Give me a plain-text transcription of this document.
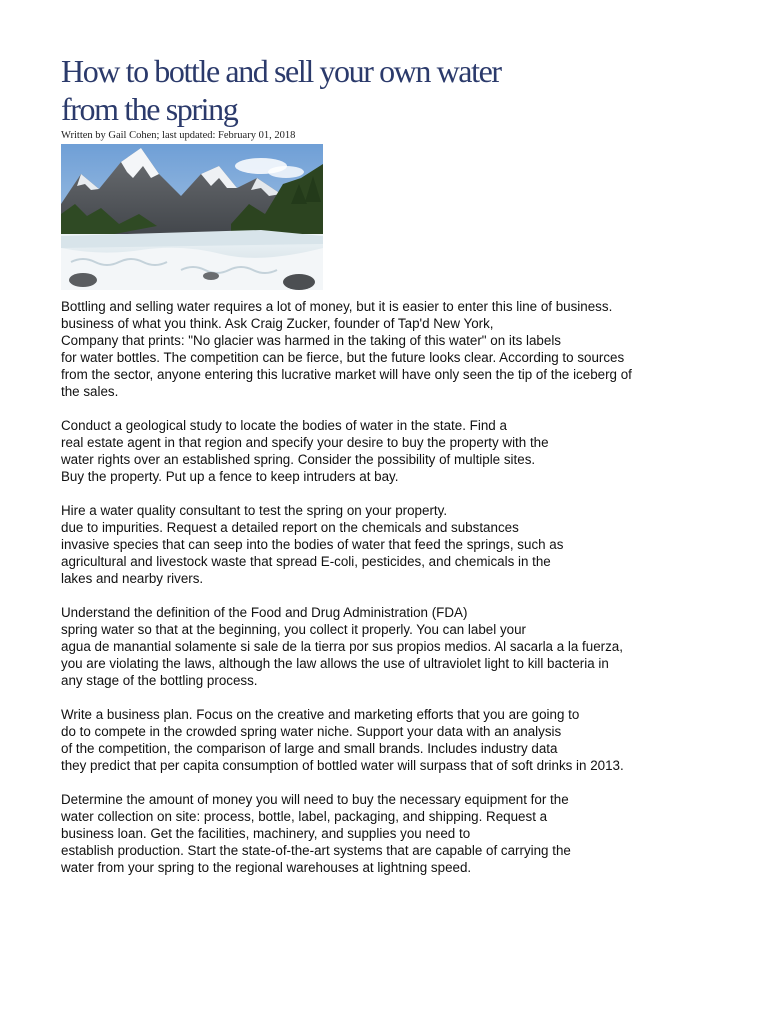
How to bottle and sell your own water
from the spring
Written by Gail Cohen; last updated: February 01, 2018

Bottling and selling water requires a lot of money, but it is easier to enter this line of business.
business of what you think. Ask Craig Zucker, founder of Tap'd New York,
Company that prints: "No glacier was harmed in the taking of this water" on its labels
for water bottles. The competition can be fierce, but the future looks clear. According to sources
from the sector, anyone entering this lucrative market will have only seen the tip of the iceberg of
the sales.

Conduct a geological study to locate the bodies of water in the state. Find a
real estate agent in that region and specify your desire to buy the property with the
water rights over an established spring. Consider the possibility of multiple sites.
Buy the property. Put up a fence to keep intruders at bay.

Hire a water quality consultant to test the spring on your property.
due to impurities. Request a detailed report on the chemicals and substances
invasive species that can seep into the bodies of water that feed the springs, such as
agricultural and livestock waste that spread E-coli, pesticides, and chemicals in the
lakes and nearby rivers.

Understand the definition of the Food and Drug Administration (FDA)
spring water so that at the beginning, you collect it properly. You can label your
agua de manantial solamente si sale de la tierra por sus propios medios. Al sacarla a la fuerza,
you are violating the laws, although the law allows the use of ultraviolet light to kill bacteria in
any stage of the bottling process.

Write a business plan. Focus on the creative and marketing efforts that you are going to
do to compete in the crowded spring water niche. Support your data with an analysis
of the competition, the comparison of large and small brands. Includes industry data
they predict that per capita consumption of bottled water will surpass that of soft drinks in 2013.

Determine the amount of money you will need to buy the necessary equipment for the
water collection on site: process, bottle, label, packaging, and shipping. Request a
business loan. Get the facilities, machinery, and supplies you need to
establish production. Start the state-of-the-art systems that are capable of carrying the
water from your spring to the regional warehouses at lightning speed.
